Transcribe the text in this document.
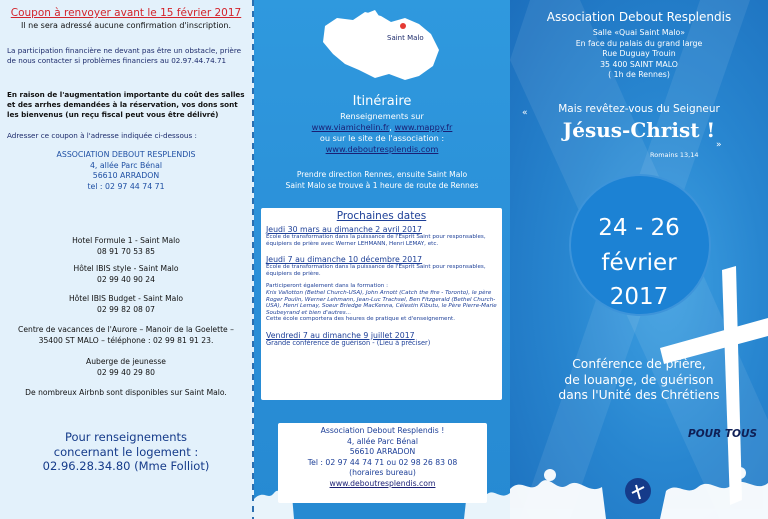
Coupon à renvoyer avant le 15 février 2017
Il ne sera adressé aucune confirmation d'inscription.
La participation financière ne devant pas être un obstacle, prière de nous contacter si problèmes financiers au 02.97.44.74.71
En raison de l'augmentation importante du coût des salles et des arrhes demandées à la réservation, vos dons sont les bienvenus (un reçu fiscal peut vous être délivré)
Adresser ce coupon à l'adresse indiquée ci-dessous :
ASSOCIATION DEBOUT RESPLENDIS
4, allée Parc Bénal
56610 ARRADON
tel : 02 97 44 74 71
Hotel Formule 1 - Saint Malo
08 91 70 53 85
Hôtel IBIS style - Saint Malo
02 99 40 90 24
Hôtel IBIS Budget - Saint Malo
02 99 82 08 07
Centre de vacances de l'Aurore – Manoir de la Goelette – 35400 ST MALO – téléphone : 02 99 81 91 23.
Auberge de jeunesse
02 99 40 29 80
De nombreux Airbnb sont disponibles sur Saint Malo.
Pour renseignements
concernant le logement :
02.96.28.34.80 (Mme Folliot)
Saint Malo
Itinéraire
Renseignements sur
www.viamichelin.fr, www.mappy.fr
ou sur le site de l'association :
www.deboutresplendis.com
Prendre direction Rennes, ensuite Saint Malo
Saint Malo se trouve à 1 heure de route de Rennes
Prochaines dates
Jeudi 30 mars au dimanche 2 avril 2017
Ecole de transformation dans la puissance de l'Esprit Saint pour responsables, équipiers de prière avec Werner LEHMANN, Henri LEMAY, etc.
Jeudi 7 au dimanche 10 décembre 2017
Ecole de transformation dans la puissance de l'Esprit Saint pour responsables, équipiers de prière.
Participeront également dans la formation :
Kris Vallotton (Bethel Church-USA), John Arnott (Catch the fire - Toronto), le père Roger Poulin, Werner Lehmann, Jean-Luc Trachsel, Ben Fitzgerald (Bethel Church-USA), Henri Lemay, Soeur Briedge MacKenna, Célestin Kibutu, le Père Pierre-Marie Soubeyrand et bien d'autres…
Cette école comportera des heures de pratique et d'enseignement.
Vendredi 7 au dimanche 9 juillet 2017
Grande conférence de guérison - (Lieu à préciser)
Association Debout Resplendis !
4, allée Parc Bénal
56610 ARRADON
Tel : 02 97 44 74 71 ou 02 98 26 83 08
(horaires bureau)
www.deboutresplendis.com
Association Debout Resplendis
Salle «Quai Saint Malo»
En face du palais du grand large
Rue Duguay Trouin
35 400 SAINT MALO
( 1h de Rennes)
«	Mais revêtez-vous du Seigneur
Jésus-Christ !
»
Romains 13,14
24 - 26
février
2017
Conférence de prière,
de louange, de guérison
dans l'Unité des Chrétiens
POUR TOUS
